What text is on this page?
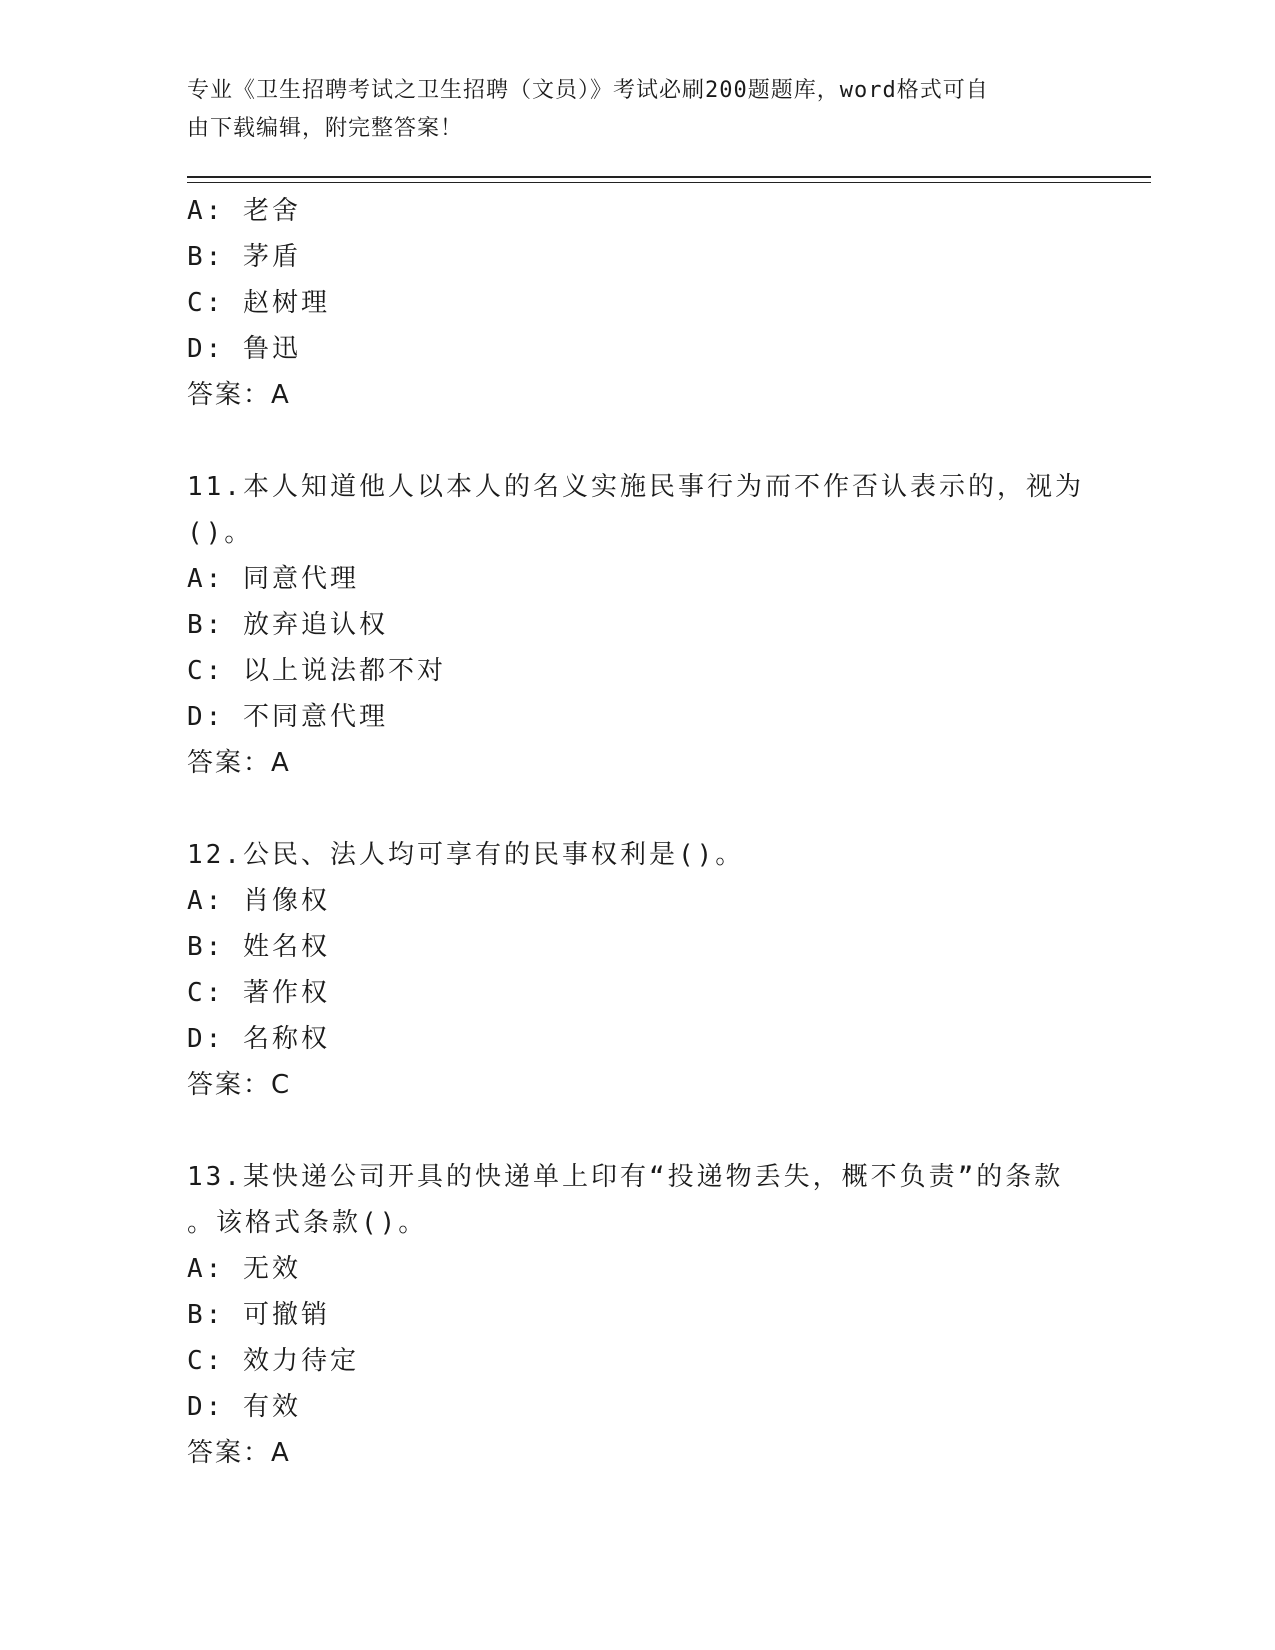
专业《卫生招聘考试之卫生招聘（文员）》考试必刷200题题库，word格式可自
由下载编辑，附完整答案！
A: 老舍
B: 茅盾
C: 赵树理
D: 鲁迅
答案：A
11.本人知道他人以本人的名义实施民事行为而不作否认表示的，视为
()。
A: 同意代理
B: 放弃追认权
C: 以上说法都不对
D: 不同意代理
答案：A
12.公民、法人均可享有的民事权利是()。
A: 肖像权
B: 姓名权
C: 著作权
D: 名称权
答案：C
13.某快递公司开具的快递单上印有“投递物丢失，概不负责”的条款
。该格式条款()。
A: 无效
B: 可撤销
C: 效力待定
D: 有效
答案：A
